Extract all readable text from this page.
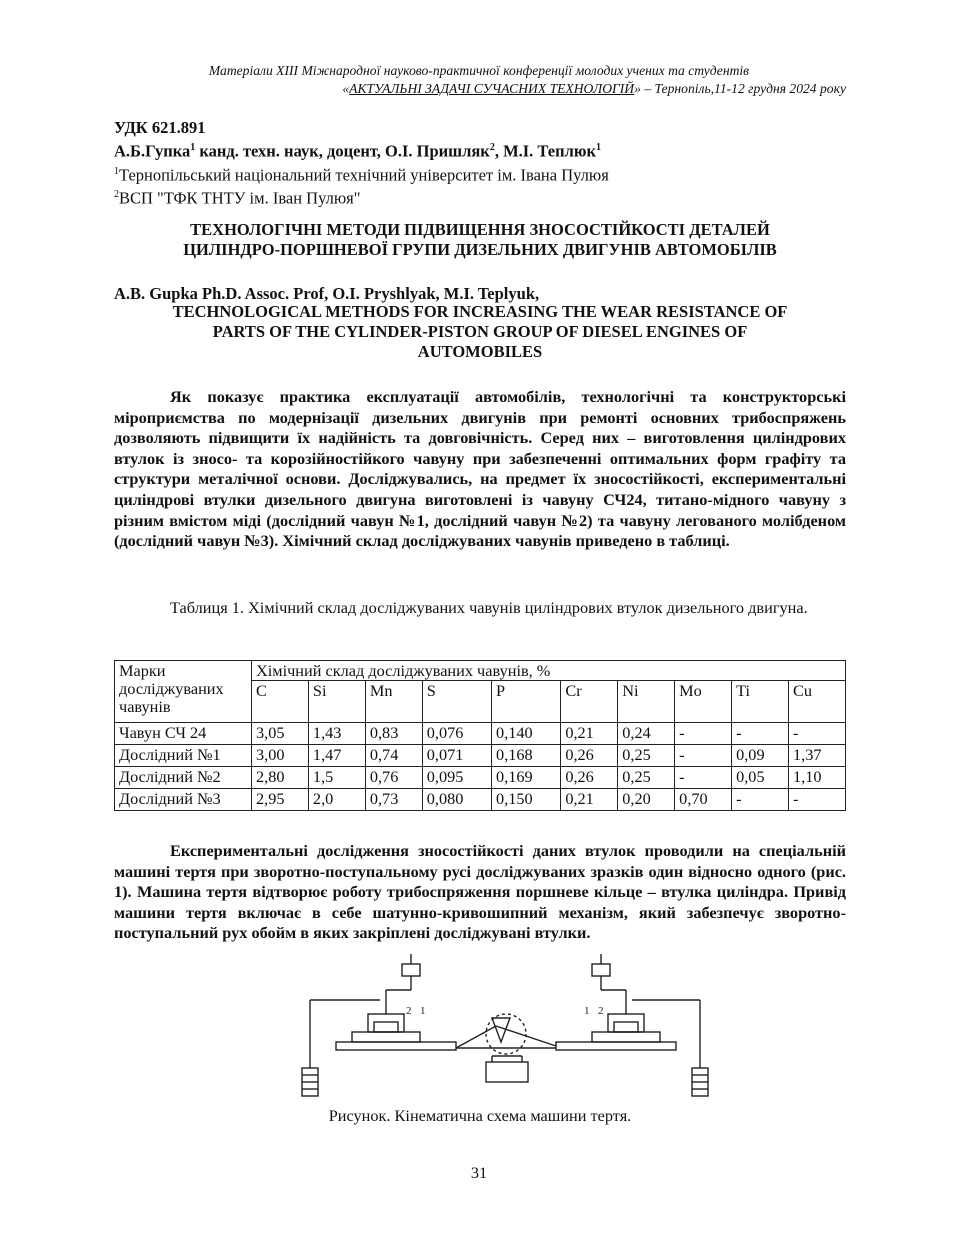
Матеріали XIII Міжнародної науково-практичної конференції молодих учених та студентів
«АКТУАЛЬНІ ЗАДАЧІ СУЧАСНИХ ТЕХНОЛОГІЙ» – Тернопіль,11-12 грудня 2024 року
УДК 621.891
А.Б.Гупка$^1$ канд. техн. наук, доцент, О.І. Пришляк$^2$, М.І. Теплюк$^1$
$^1$Тернопільський національний технічний університет ім. Івана Пулюя
$^2$ВСП "ТФК ТНТУ ім. Іван Пулюя"
ТЕХНОЛОГІЧНІ МЕТОДИ ПІДВИЩЕННЯ ЗНОСОСТІЙКОСТІ ДЕТАЛЕЙ
ЦИЛІНДРО-ПОРШНЕВОЇ ГРУПИ ДИЗЕЛЬНИХ ДВИГУНІВ АВТОМОБІЛІВ
A.B. Gupka Ph.D. Assoc. Prof, O.I. Pryshlyak, M.I. Teplyuk,
TECHNOLOGICAL METHODS FOR INCREASING THE WEAR RESISTANCE OF
PARTS OF THE CYLINDER-PISTON GROUP OF DIESEL ENGINES OF
AUTOMOBILES

Як показує практика експлуатації автомобілів, технологічні та конструкторські міроприємства по модернізації дизельних двигунів при ремонті основних трибоспряжень дозволяють підвищити їх надійність та довговічність. Серед них – виготовлення циліндрових втулок із зносо- та корозійностійкого чавуну при забезпеченні оптимальних форм графіту та структури металічної основи. Досліджувались, на предмет їх зносостійкості, експериментальні циліндрові втулки дизельного двигуна виготовлені із чавуну СЧ24, титано-мідного чавуну з різним вмістом міді (дослідний чавун №1, дослідний чавун №2) та чавуну легованого молібденом (дослідний чавун №3). Хімічний склад досліджуваних чавунів приведено в таблиці.

Таблиця 1. Хімічний склад досліджуваних чавунів циліндрових втулок дизельного двигуна.

Марки досліджуваних чавунів	Хімічний склад досліджуваних чавунів, %									
	C	Si	Mn	S	P	Cr	Ni	Mo	Ti	Cu
Чавун СЧ 24	3,05	1,43	0,83	0,076	0,140	0,21	0,24	-	-	-
Дослідний №1	3,00	1,47	0,74	0,071	0,168	0,26	0,25	-	0,09	1,37
Дослідний №2	2,80	1,5	0,76	0,095	0,169	0,26	0,25	-	0,05	1,10
Дослідний №3	2,95	2,0	0,73	0,080	0,150	0,21	0,20	0,70	-	-

Експериментальні дослідження зносостійкості даних втулок проводили на спеціальній машині тертя при зворотно-поступальному русі досліджуваних зразків один відносно одного (рис. 1). Машина тертя відтворює роботу трибоспряження поршневе кільце – втулка циліндра. Привід машини тертя включає в себе шатунно-кривошипний механізм, який забезпечує зворотно-поступальний рух обойм в яких закріплені досліджувані втулки.

2 1	1 2
Рисунок. Кінематична схема машини тертя.
31
